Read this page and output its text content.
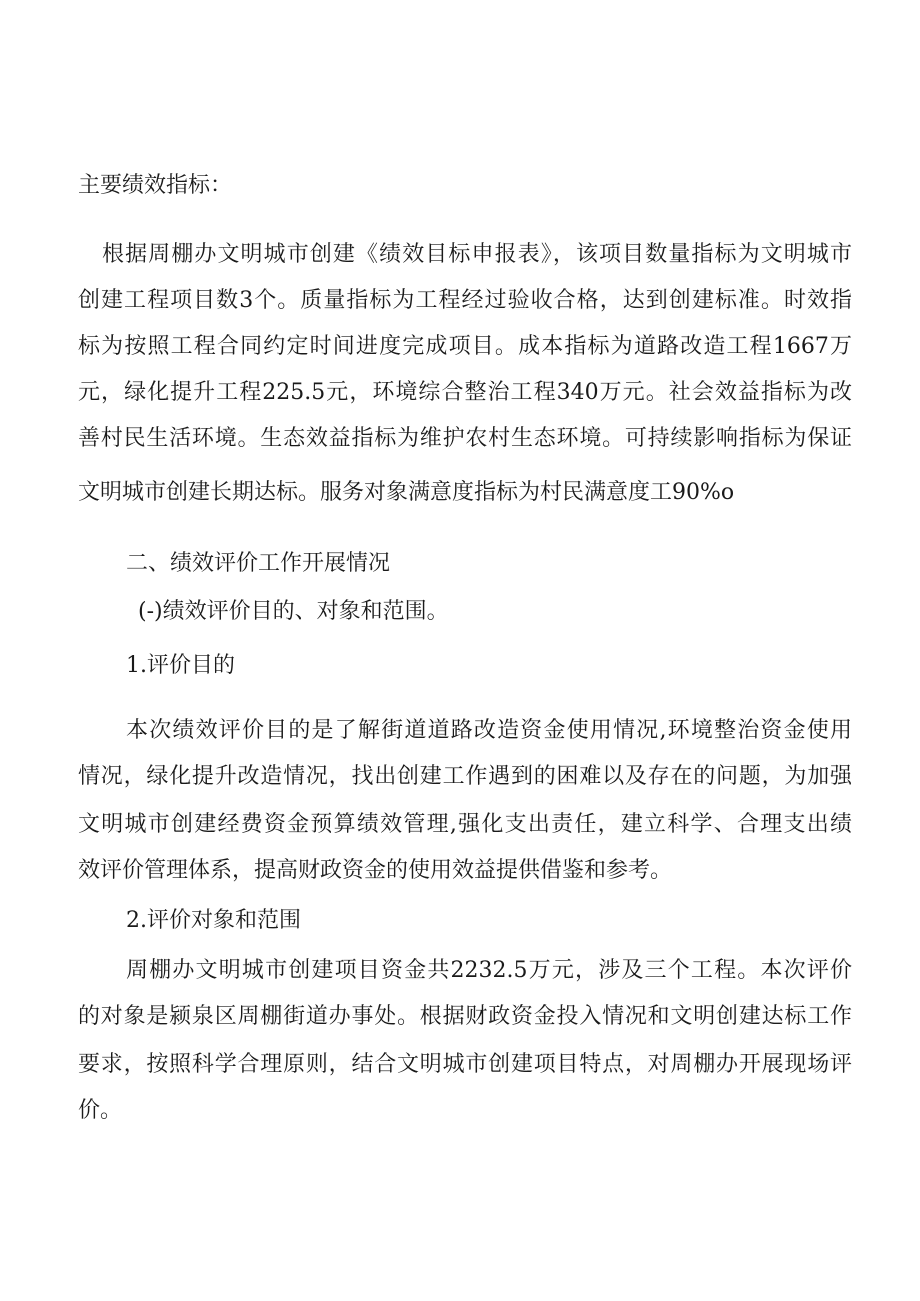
主要绩效指标：

根据周棚办文明城市创建《绩效目标申报表》，该项目数量指标为文明城市

创建工程项目数3个。质量指标为工程经过验收合格，达到创建标准。时效指

标为按照工程合同约定时间进度完成项目。成本指标为道路改造工程1667万

元，绿化提升工程225.5元，环境综合整治工程340万元。社会效益指标为改

善村民生活环境。生态效益指标为维护农村生态环境。可持续影响指标为保证

文明城市创建长期达标。服务对象满意度指标为村民满意度工90%o

二、绩效评价工作开展情况

(-)绩效评价目的、对象和范围。

1.评价目的

本次绩效评价目的是了解街道道路改造资金使用情况,环境整治资金使用

情况，绿化提升改造情况，找出创建工作遇到的困难以及存在的问题，为加强

文明城市创建经费资金预算绩效管理,强化支出责任，建立科学、合理支出绩

效评价管理体系，提高财政资金的使用效益提供借鉴和参考。

2.评价对象和范围

周棚办文明城市创建项目资金共2232.5万元，涉及三个工程。本次评价

的对象是颍泉区周棚街道办事处。根据财政资金投入情况和文明创建达标工作

要求，按照科学合理原则，结合文明城市创建项目特点，对周棚办开展现场评

价。
